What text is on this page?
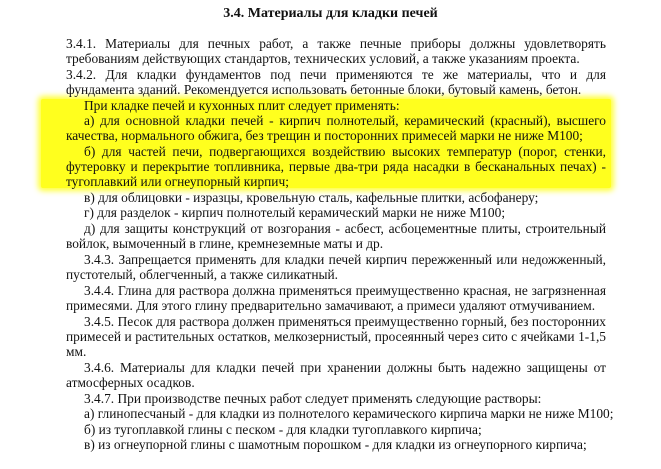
3.4. Материалы для кладки печей
3.4.1. Материалы для печных работ, а также печные приборы должны удовлетворять
требованиям действующих стандартов, технических условий, а также указаниям проекта.
3.4.2. Для кладки фундаментов под печи применяются те же материалы, что и для
фундамента зданий. Рекомендуется использовать бетонные блоки, бутовый камень, бетон.
При кладке печей и кухонных плит следует применять:
а) для основной кладки печей - кирпич полнотелый, керамический (красный), высшего
качества, нормального обжига, без трещин и посторонних примесей марки не ниже М100;
б) для частей печи, подвергающихся воздействию высоких температур (порог, стенки,
футеровку и перекрытие топливника, первые два-три ряда насадки в бесканальных печах) -
тугоплавкий или огнеупорный кирпич;
в) для облицовки - изразцы, кровельную сталь, кафельные плитки, асбофанеру;
г) для разделок - кирпич полнотелый керамический марки не ниже М100;
д) для защиты конструкций от возгорания - асбест, асбоцементные плиты, строительный
войлок, вымоченный в глине, кремнеземные маты и др.
3.4.3. Запрещается применять для кладки печей кирпич пережженный или недожженный,
пустотелый, облегченный, а также силикатный.
3.4.4. Глина для раствора должна применяться преимущественно красная, не загрязненная
примесями. Для этого глину предварительно замачивают, а примеси удаляют отмучиванием.
3.4.5. Песок для раствора должен применяться преимущественно горный, без посторонних
примесей и растительных остатков, мелкозернистый, просеянный через сито с ячейками 1-1,5
мм.
3.4.6. Материалы для кладки печей при хранении должны быть надежно защищены от
атмосферных осадков.
3.4.7. При производстве печных работ следует применять следующие растворы:
а) глинопесчаный - для кладки из полнотелого керамического кирпича марки не ниже М100;
б) из тугоплавкой глины с песком - для кладки тугоплавкого кирпича;
в) из огнеупорной глины с шамотным порошком - для кладки из огнеупорного кирпича;
